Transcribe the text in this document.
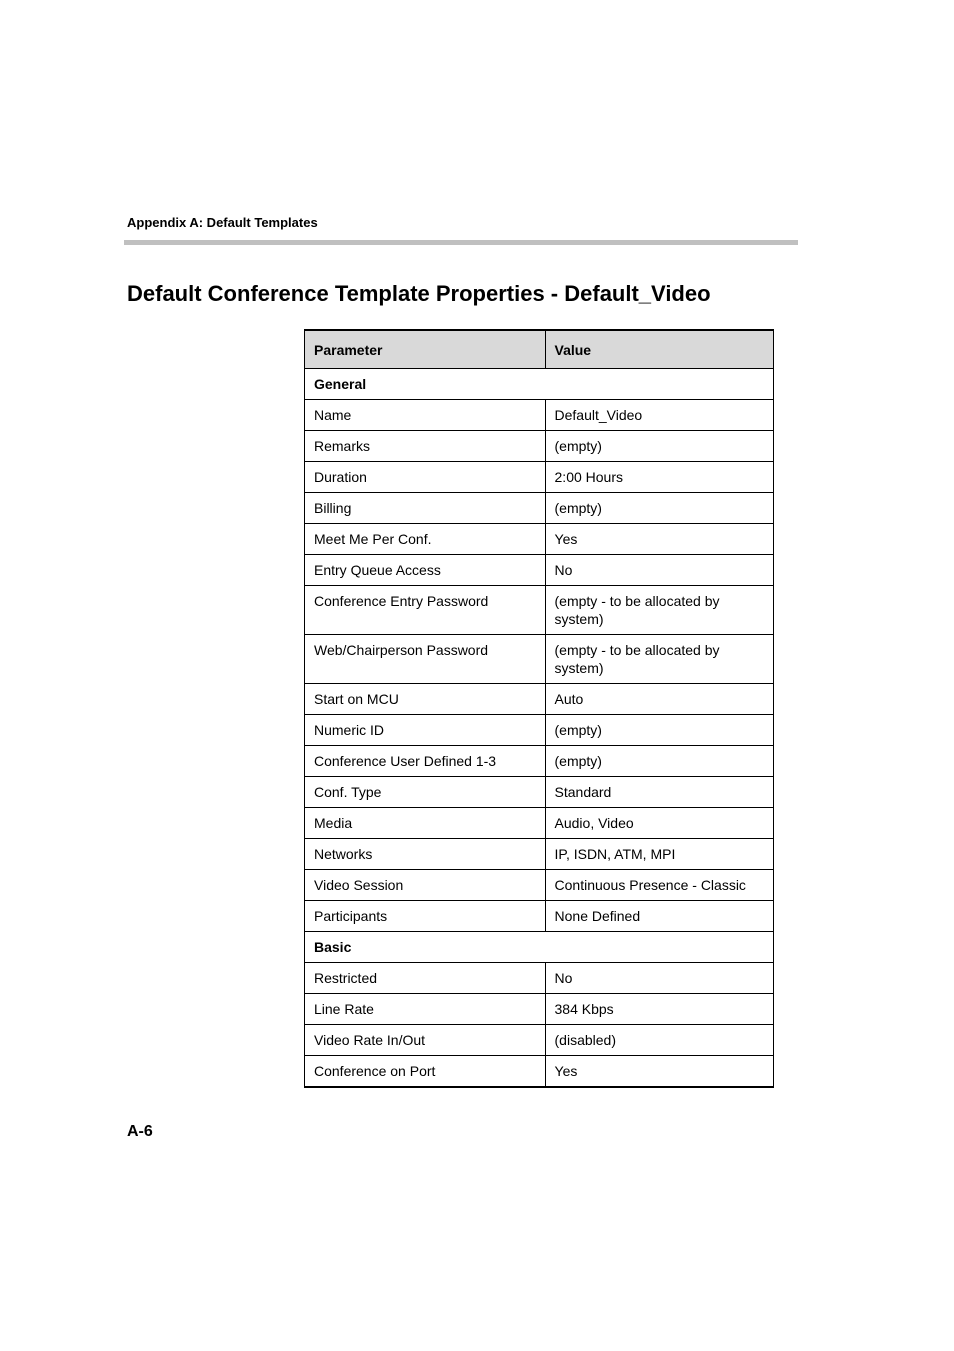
Appendix A: Default Templates
Default Conference Template Properties - Default_Video
Parameter	Value
General	
Name	Default_Video
Remarks	(empty)
Duration	2:00 Hours
Billing	(empty)
Meet Me Per Conf.	Yes
Entry Queue Access	No
Conference Entry Password	(empty - to be allocated by system)
Web/Chairperson Password	(empty - to be allocated by system)
Start on MCU	Auto
Numeric ID	(empty)
Conference User Defined 1-3	(empty)
Conf. Type	Standard
Media	Audio, Video
Networks	IP, ISDN, ATM, MPI
Video Session	Continuous Presence - Classic
Participants	None Defined
Basic	
Restricted	No
Line Rate	384 Kbps
Video Rate In/Out	(disabled)
Conference on Port	Yes
A-6
